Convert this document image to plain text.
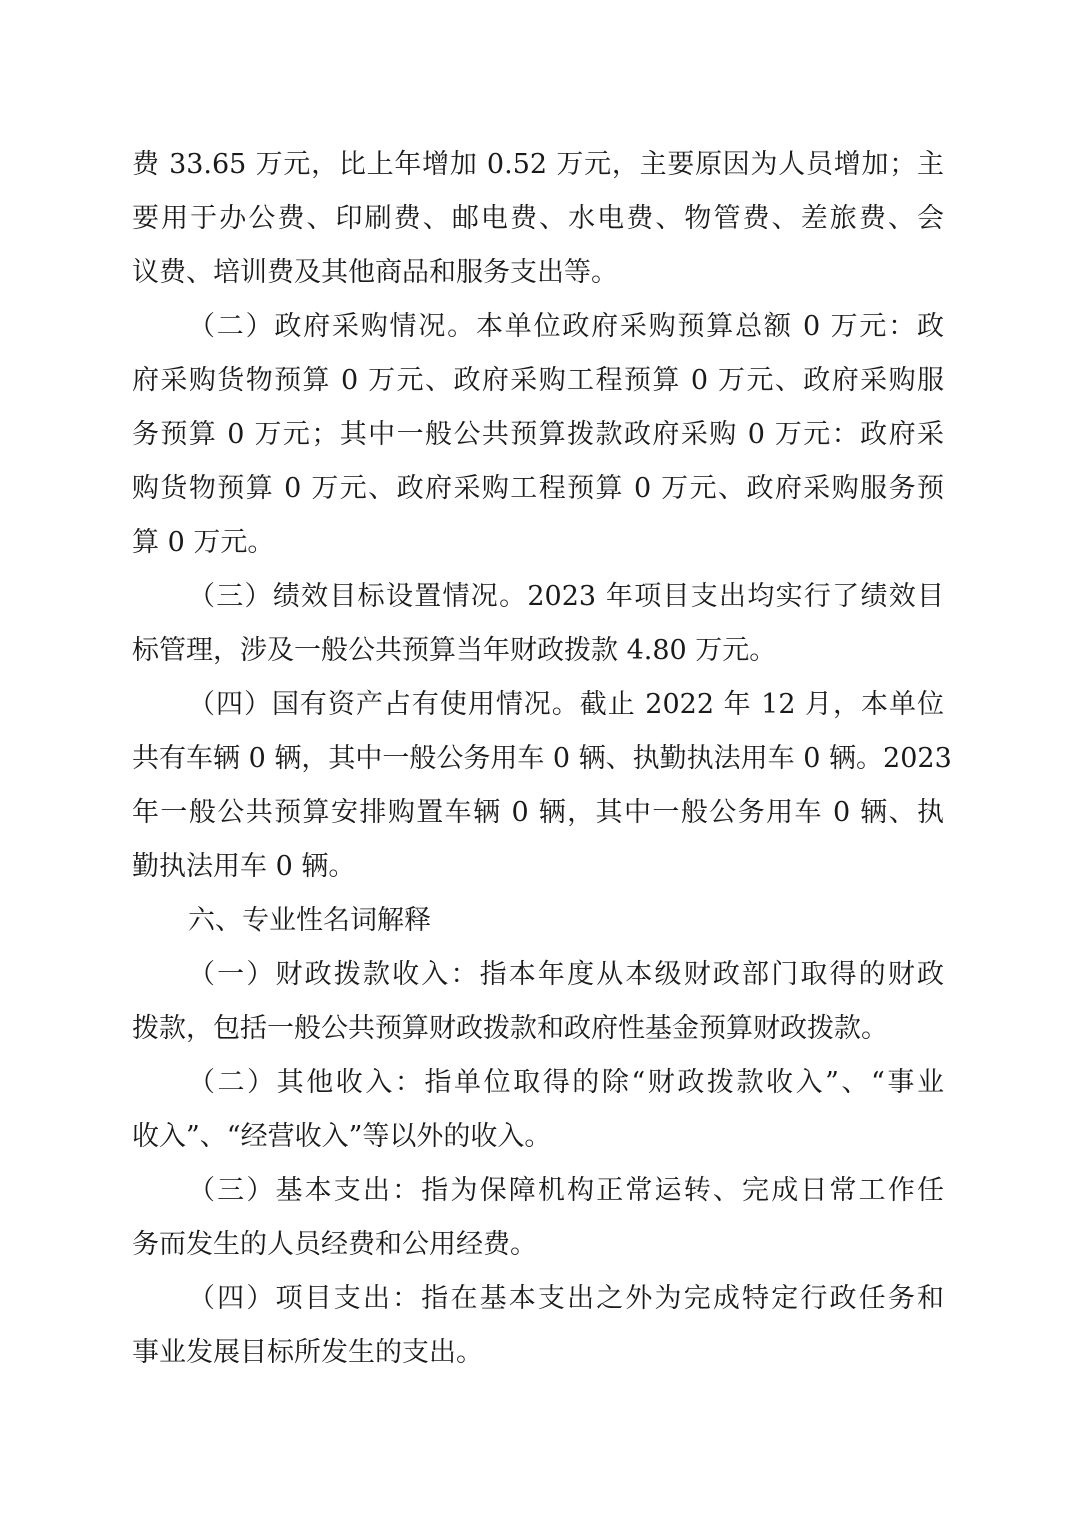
费 33.65 万元，比上年增加 0.52 万元，主要原因为人员增加；主
要用于办公费、印刷费、邮电费、水电费、物管费、差旅费、会
议费、培训费及其他商品和服务支出等。
（二）政府采购情况。本单位政府采购预算总额 0 万元：政
府采购货物预算 0 万元、政府采购工程预算 0 万元、政府采购服
务预算 0 万元；其中一般公共预算拨款政府采购 0 万元：政府采
购货物预算 0 万元、政府采购工程预算 0 万元、政府采购服务预
算 0 万元。
（三）绩效目标设置情况。2023 年项目支出均实行了绩效目
标管理，涉及一般公共预算当年财政拨款 4.80 万元。
（四）国有资产占有使用情况。截止 2022 年 12 月，本单位
共有车辆 0 辆，其中一般公务用车 0 辆、执勤执法用车 0 辆。2023
年一般公共预算安排购置车辆 0 辆，其中一般公务用车 0 辆、执
勤执法用车 0 辆。
六、专业性名词解释
（一）财政拨款收入：指本年度从本级财政部门取得的财政
拨款，包括一般公共预算财政拨款和政府性基金预算财政拨款。
（二）其他收入：指单位取得的除“财政拨款收入”、“事业
收入”、“经营收入”等以外的收入。
（三）基本支出：指为保障机构正常运转、完成日常工作任
务而发生的人员经费和公用经费。
（四）项目支出：指在基本支出之外为完成特定行政任务和
事业发展目标所发生的支出。
